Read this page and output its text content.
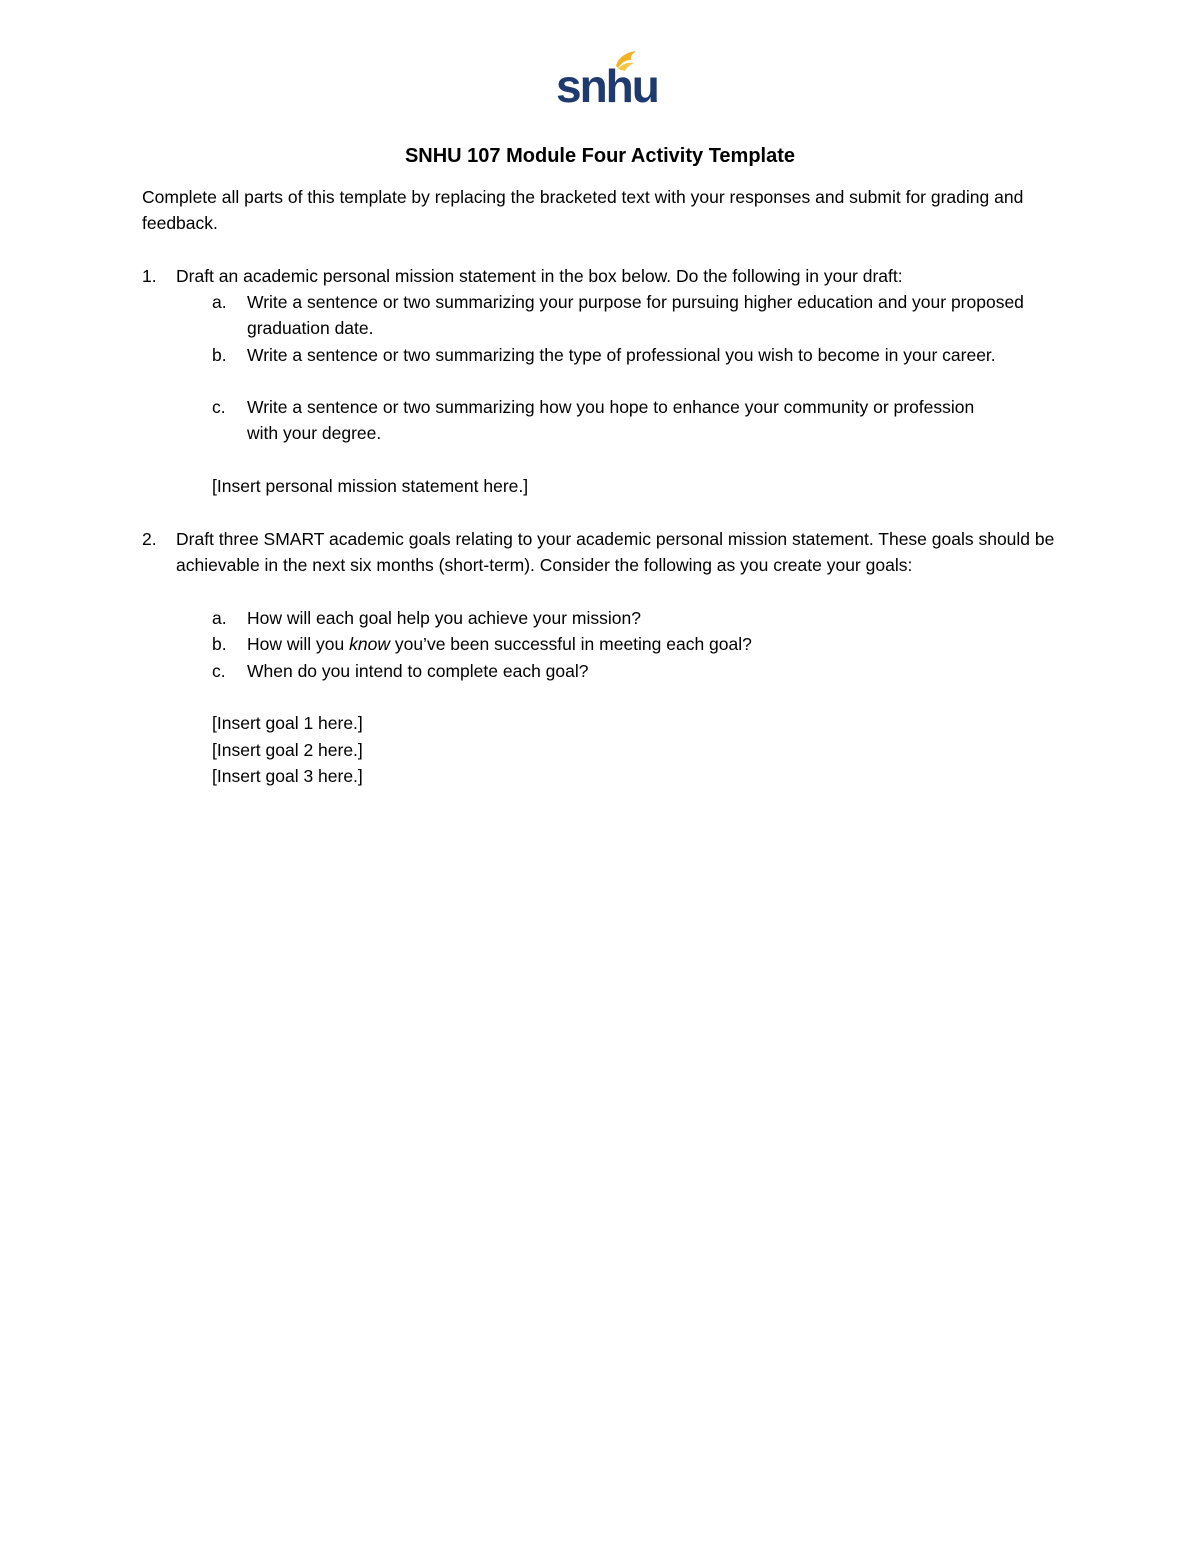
snhu
SNHU 107 Module Four Activity Template
Complete all parts of this template by replacing the bracketed text with your responses and submit for grading and feedback.
1. Draft an academic personal mission statement in the box below. Do the following in your draft:
a. Write a sentence or two summarizing your purpose for pursuing higher education and your proposed graduation date.
b. Write a sentence or two summarizing the type of professional you wish to become in your career.
c. Write a sentence or two summarizing how you hope to enhance your community or profession with your degree.
[Insert personal mission statement here.]
2. Draft three SMART academic goals relating to your academic personal mission statement. These goals should be achievable in the next six months (short-term). Consider the following as you create your goals:
a. How will each goal help you achieve your mission?
b. How will you know you’ve been successful in meeting each goal?
c. When do you intend to complete each goal?
[Insert goal 1 here.]
[Insert goal 2 here.]
[Insert goal 3 here.]
